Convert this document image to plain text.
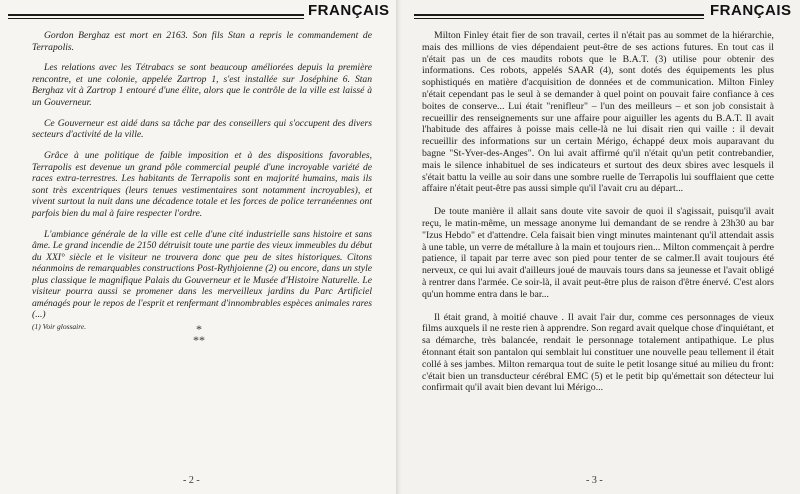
FRANÇAIS

Gordon Berghaz est mort en 2163. Son fils Stan a repris le commandement de Terrapolis.

Les relations avec les Tétrabacs se sont beaucoup améliorées depuis la première rencontre, et une colonie, appelée Zartrop 1, s'est installée sur Joséphine 6. Stan Berghaz vit à Zartrop 1 entouré d'une élite, alors que le contrôle de la ville est laissé à un Gouverneur.

Ce Gouverneur est aidé dans sa tâche par des conseillers qui s'occupent des divers secteurs d'activité de la ville.

Grâce à une politique de faible imposition et à des dispositions favorables, Terrapolis est devenue un grand pôle commercial peuplé d'une incroyable variété de races extra-terrestres. Les habitants de Terrapolis sont en majorité humains, mais ils sont très excentriques (leurs tenues vestimentaires sont notamment incroyables), et vivent surtout la nuit dans une décadence totale et les forces de police terranéennes ont parfois bien du mal à faire respecter l'ordre.

L'ambiance générale de la ville est celle d'une cité industrielle sans histoire et sans âme. Le grand incendie de 2150 détruisit toute une partie des vieux immeubles du début du XXI° siècle et le visiteur ne trouvera donc que peu de sites historiques. Citons néanmoins de remarquables constructions Post-Rythjoienne (2) ou encore, dans un style plus classique le magnifique Palais du Gouverneur et le Musée d'Histoire Naturelle. Le visiteur pourra aussi se promener dans les merveilleux jardins du Parc Artificiel aménagés pour le repos de l'esprit et renfermant d'innombrables espèces animales rares (...)

(1) Voir glossaire.	*
**
- 2 -
FRANÇAIS

Milton Finley était fier de son travail, certes il n'était pas au sommet de la hiérarchie, mais des millions de vies dépendaient peut-être de ses actions futures. En tout cas il n'était pas un de ces maudits robots que le B.A.T. (3) utilise pour obtenir des informations. Ces robots, appelés SAAR (4), sont dotés des équipements les plus sophistiqués en matière d'acquisition de données et de communication. Milton Finley n'était cependant pas le seul à se demander à quel point on pouvait faire confiance à ces boites de conserve... Lui était "renifleur" – l'un des meilleurs – et son job consistait à recueillir des renseignements sur une affaire pour aiguiller les agents du B.A.T. Il avait l'habitude des affaires à poisse mais celle-là ne lui disait rien qui vaille : il devait recueillir des informations sur un certain Mérigo, échappé deux mois auparavant du bagne "St-Yver-des-Anges". On lui avait affirmé qu'il n'était qu'un petit contrebandier, mais le silence inhabituel de ses indicateurs et surtout des deux sbires avec lesquels il s'était battu la veille au soir dans une sombre ruelle de Terrapolis lui soufflaient que cette affaire n'était peut-être pas aussi simple qu'il l'avait cru au départ...

De toute manière il allait sans doute vite savoir de quoi il s'agissait, puisqu'il avait reçu, le matin-même, un message anonyme lui demandant de se rendre à 23h30 au bar "Izus Hebdo" et d'attendre. Cela faisait bien vingt minutes maintenant qu'il attendait assis à une table, un verre de métallure à la main et toujours rien... Milton commençait à perdre patience, il tapait par terre avec son pied pour tenter de se calmer.Il avait toujours été nerveux, ce qui lui avait d'ailleurs joué de mauvais tours dans sa jeunesse et l'avait obligé à rentrer dans l'armée. Ce soir-là, il avait peut-être plus de raison d'être énervé. C'est alors qu'un homme entra dans le bar...

Il était grand, à moitié chauve . Il avait l'air dur, comme ces personnages de vieux films auxquels il ne reste rien à apprendre. Son regard avait quelque chose d'inquiétant, et sa démarche, très balancée, rendait le personnage totalement antipathique. Le plus étonnant était son pantalon qui semblait lui constituer une nouvelle peau tellement il était collé à ses jambes. Milton remarqua tout de suite le petit losange situé au milieu du front: c'était bien un transducteur cérébral EMC (5) et le petit bip qu'émettait son détecteur lui confirmait qu'il avait bien devant lui Mérigo...

- 3 -
